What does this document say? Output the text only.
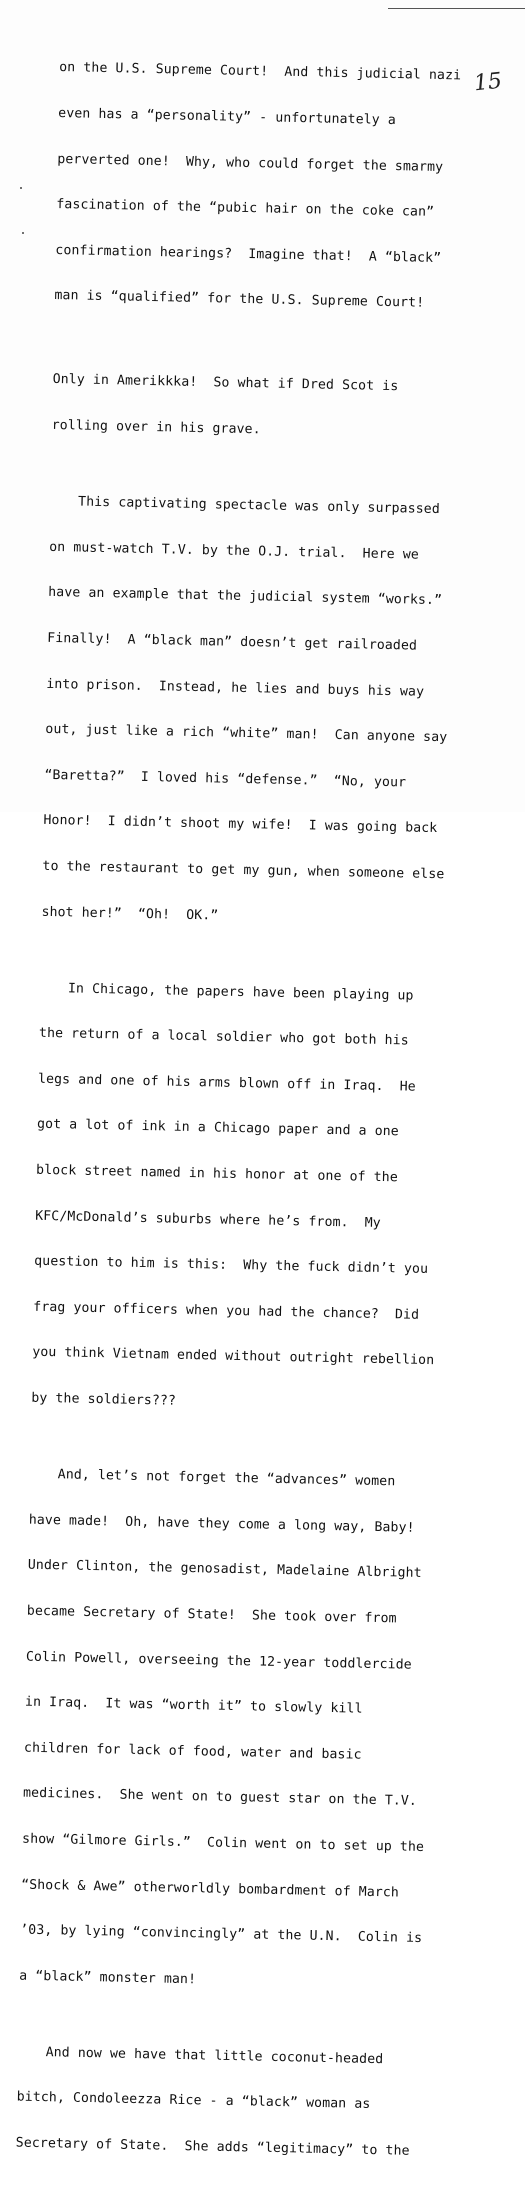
15

on the U.S. Supreme Court!  And this judicial nazi

even has a “personality” - unfortunately a

perverted one!  Why, who could forget the smarmy

fascination of the “pubic hair on the coke can”

confirmation hearings?  Imagine that!  A “black”

man is “qualified” for the U.S. Supreme Court!

Only in Amerikkka!  So what if Dred Scot is

rolling over in his grave.

This captivating spectacle was only surpassed

on must-watch T.V. by the O.J. trial.  Here we

have an example that the judicial system “works.”

Finally!  A “black man” doesn’t get railroaded

into prison.  Instead, he lies and buys his way

out, just like a rich “white” man!  Can anyone say

“Baretta?”  I loved his “defense.”  “No, your

Honor!  I didn’t shoot my wife!  I was going back

to the restaurant to get my gun, when someone else

shot her!”  “Oh!  OK.”

In Chicago, the papers have been playing up

the return of a local soldier who got both his

legs and one of his arms blown off in Iraq.  He

got a lot of ink in a Chicago paper and a one

block street named in his honor at one of the

KFC/McDonald’s suburbs where he’s from.  My

question to him is this:  Why the fuck didn’t you

frag your officers when you had the chance?  Did

you think Vietnam ended without outright rebellion

by the soldiers???

And, let’s not forget the “advances” women

have made!  Oh, have they come a long way, Baby!

Under Clinton, the genosadist, Madelaine Albright

became Secretary of State!  She took over from

Colin Powell, overseeing the 12-year toddlercide

in Iraq.  It was “worth it” to slowly kill

children for lack of food, water and basic

medicines.  She went on to guest star on the T.V.

show “Gilmore Girls.”  Colin went on to set up the

“Shock & Awe” otherworldly bombardment of March

’03, by lying “convincingly” at the U.N.  Colin is

a “black” monster man!

And now we have that little coconut-headed

bitch, Condoleezza Rice - a “black” woman as

Secretary of State.  She adds “legitimacy” to the
